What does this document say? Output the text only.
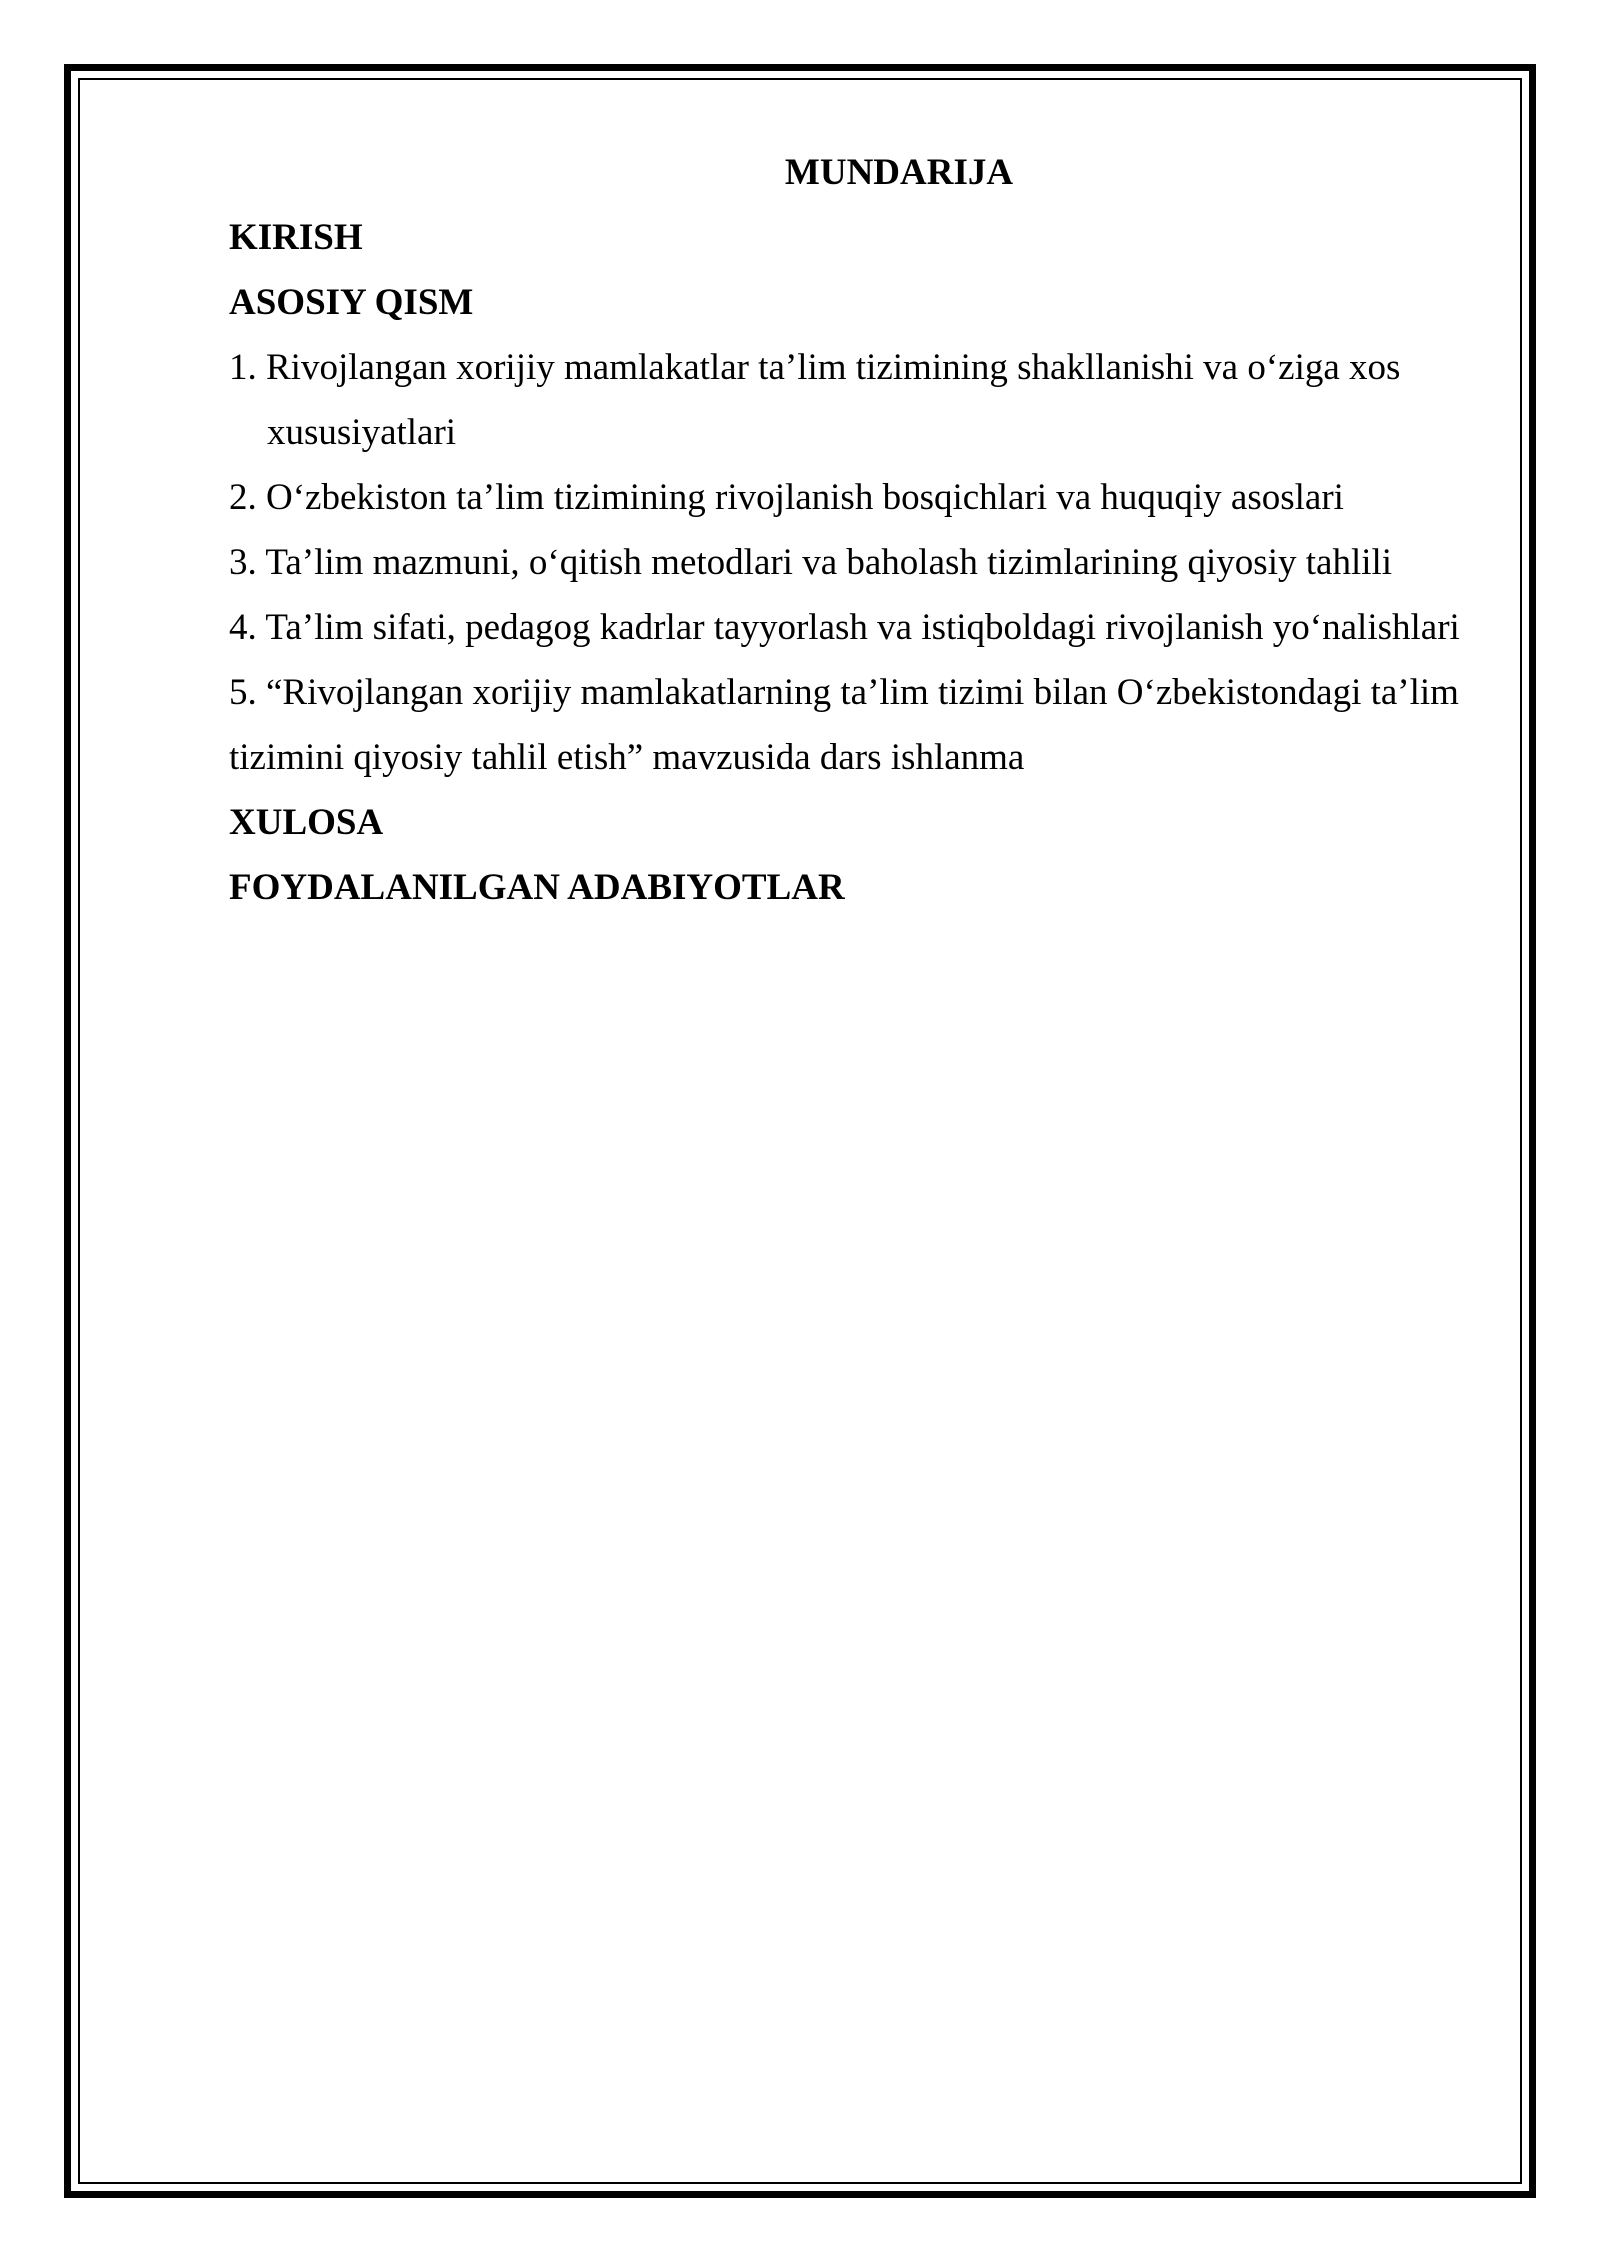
MUNDARIJA

KIRISH

ASOSIY QISM

1. Rivojlangan xorijiy mamlakatlar ta’lim tizimining shakllanishi va o‘ziga xos

xususiyatlari

2. O‘zbekiston ta’lim tizimining rivojlanish bosqichlari va huquqiy asoslari

3. Ta’lim mazmuni, o‘qitish metodlari va baholash tizimlarining qiyosiy tahlili

4. Ta’lim sifati, pedagog kadrlar tayyorlash va istiqboldagi rivojlanish yo‘nalishlari

5. “Rivojlangan xorijiy mamlakatlarning ta’lim tizimi bilan O‘zbekistondagi ta’lim

tizimini qiyosiy tahlil etish” mavzusida dars ishlanma

XULOSA

FOYDALANILGAN ADABIYOTLAR
